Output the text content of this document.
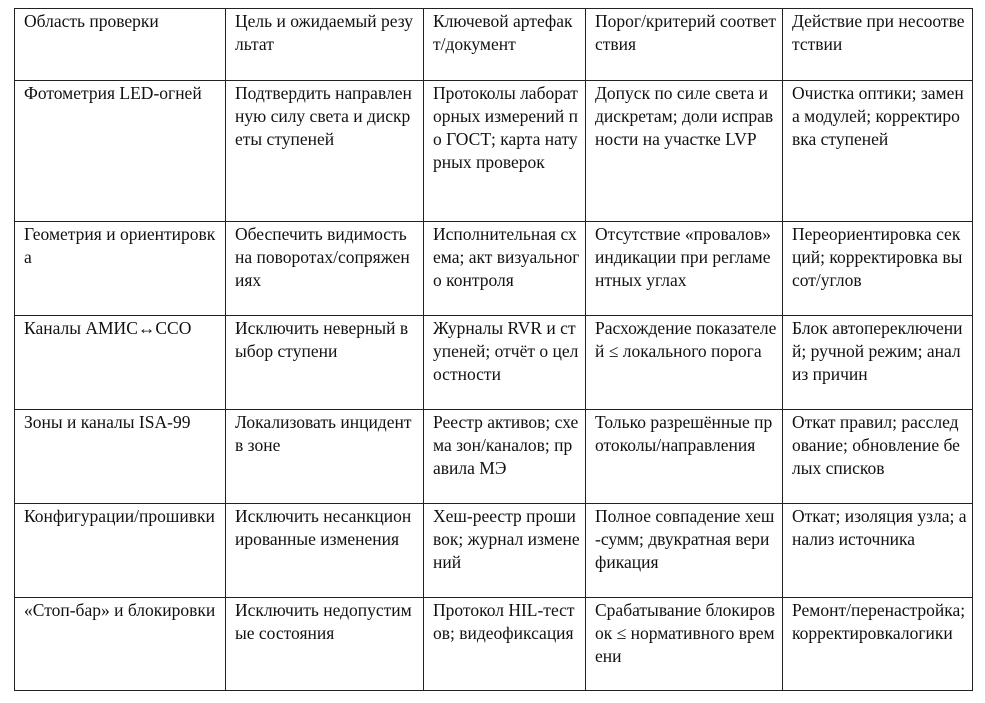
Область проверки	Цель и ожидаемый результат	Ключевой артефакт/документ	Порог/критерий соответствия	Действие при несоответствии
Фотометрия LED-огней	Подтвердить направленную силу света и дискреты ступеней	Протоколы лабораторных измерений по ГОСТ; карта натурных проверок	Допуск по силе света и дискретам; доли исправности на участке LVP	Очистка оптики; замена модулей; корректировка ступеней
Геометрия и ориентировка	Обеспечить видимость на поворотах/сопряжениях	Исполнительная схема; акт визуального контроля	Отсутствие «провалов» индикации при регламентных углах	Переориентировка секций; корректировка высот/углов
Каналы АМИС↔ССО	Исключить неверный выбор ступени	Журналы RVR и ступеней; отчёт о целостности	Расхождение показателей ≤ локального порога	Блок автопереключений; ручной режим; анализ причин
Зоны и каналы ISA-99	Локализовать инцидент в зоне	Реестр активов; схема зон/каналов; правила МЭ	Только разрешённые протоколы/направления	Откат правил; расследование; обновление белых списков
Конфигурации/прошивки	Исключить несанкционированные изменения	Хеш-реестр прошивок; журнал изменений	Полное совпадение хеш-сумм; двукратная верификация	Откат; изоляция узла; анализ источника
«Стоп-бар» и блокировки	Исключить недопустимые состояния	Протокол HIL-тестов; видеофиксация	Срабатывание блокировок ≤ нормативного времени	Ремонт/перенастройка; корректировкалогики
